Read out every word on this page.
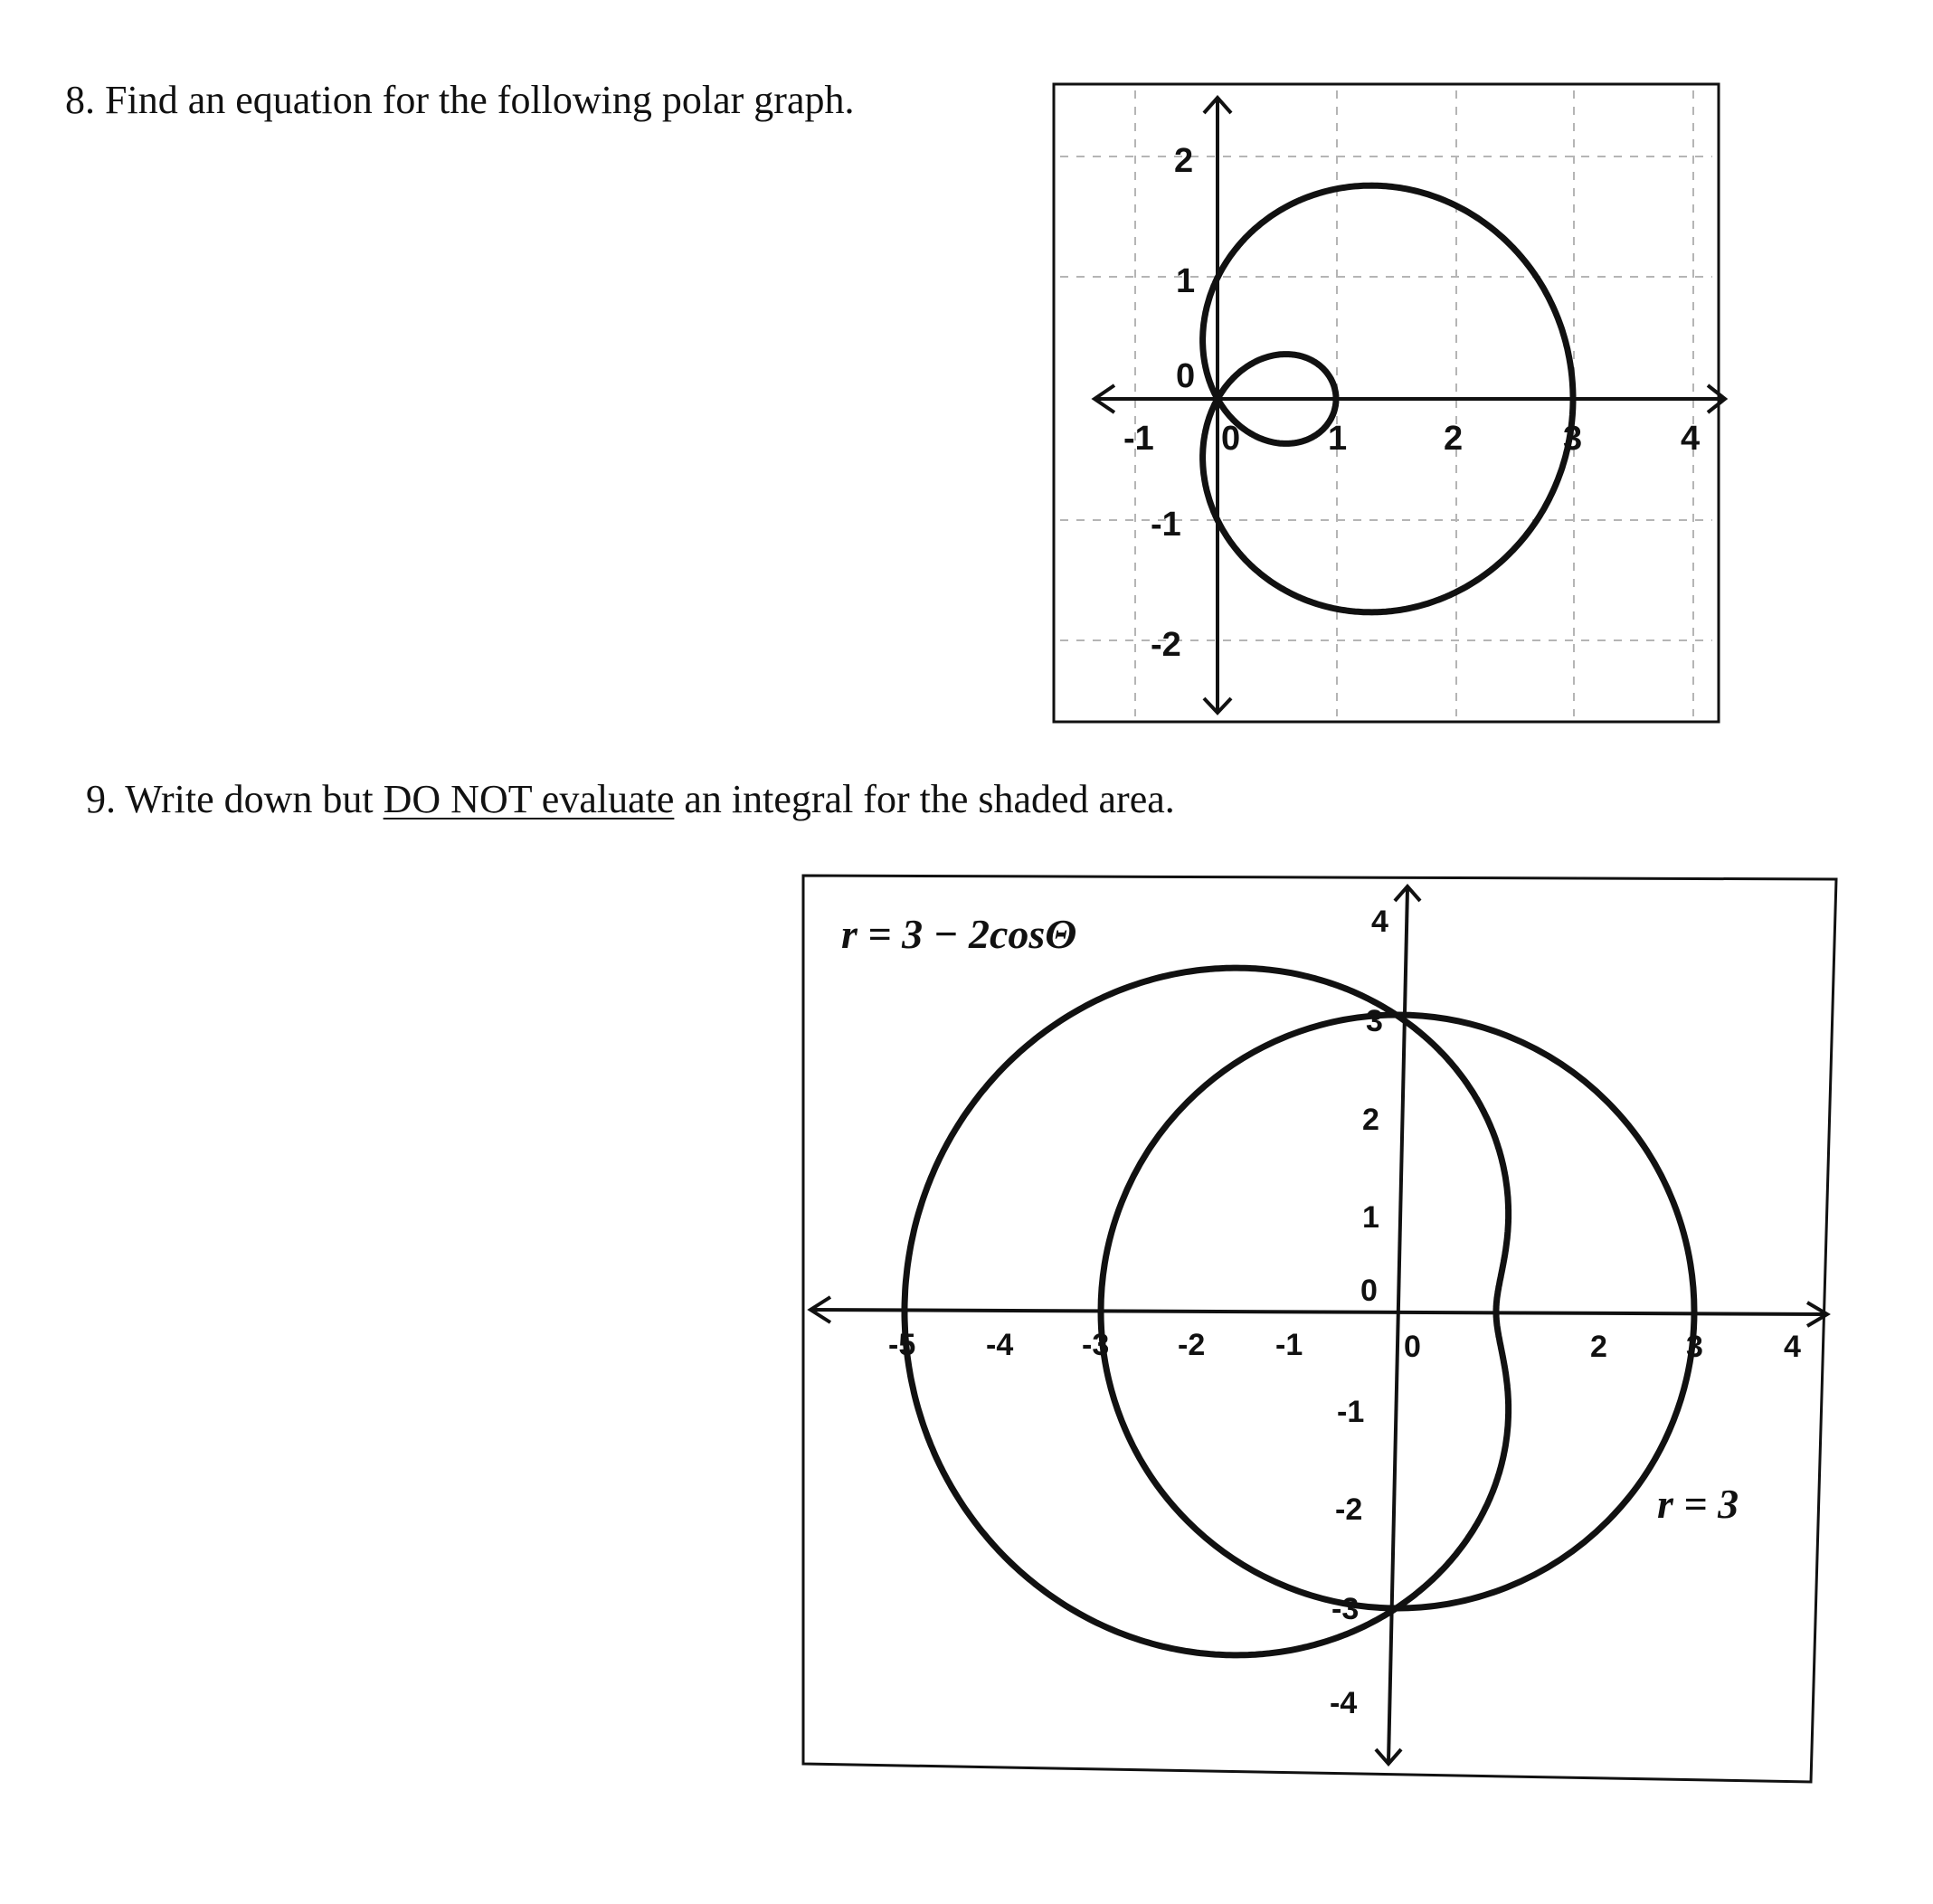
8. Find an equation for the following polar graph.
9. Write down but DO NOT evaluate an integral for the shaded area.
-1 0	1	2	3	4
2
1
0
-1
-2
-5 -4 -3 -2 -1	0	2	3	4
4
3
2
1
0
-1
-2
-3
-4
r = 3 − 2cosΘ
r = 3
